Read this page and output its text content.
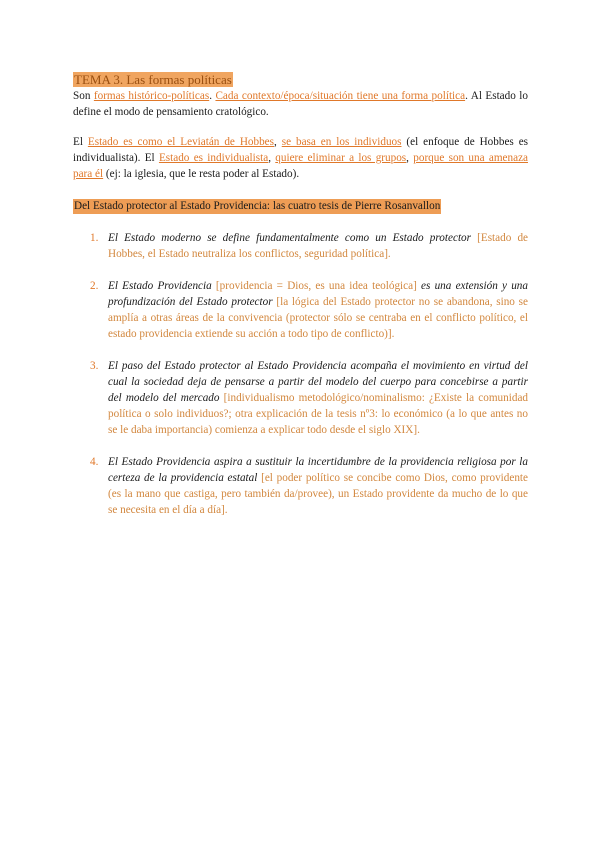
TEMA 3. Las formas políticas

Son formas histórico-políticas. Cada contexto/época/situación tiene una forma política. Al Estado lo define el modo de pensamiento cratológico.

El Estado es como el Leviatán de Hobbes, se basa en los individuos (el enfoque de Hobbes es individualista). El Estado es individualista, quiere eliminar a los grupos, porque son una amenaza para él (ej: la iglesia, que le resta poder al Estado).

Del Estado protector al Estado Providencia: las cuatro tesis de Pierre Rosanvallon
1. El Estado moderno se define fundamentalmente como un Estado protector [Estado de Hobbes, el Estado neutraliza los conflictos, seguridad política].

2. El Estado Providencia [providencia = Dios, es una idea teológica] es una extensión y una profundización del Estado protector [la lógica del Estado protector no se abandona, sino se amplía a otras áreas de la convivencia (protector sólo se centraba en el conflicto político, el estado providencia extiende su acción a todo tipo de conflicto)].

3. El paso del Estado protector al Estado Providencia acompaña el movimiento en virtud del cual la sociedad deja de pensarse a partir del modelo del cuerpo para concebirse a partir del modelo del mercado [individualismo metodológico/nominalismo: ¿Existe la comunidad política o solo individuos?; otra explicación de la tesis nº3: lo económico (a lo que antes no se le daba importancia) comienza a explicar todo desde el siglo XIX].

4. El Estado Providencia aspira a sustituir la incertidumbre de la providencia religiosa por la certeza de la providencia estatal [el poder político se concibe como Dios, como providente (es la mano que castiga, pero también da/provee), un Estado providente da mucho de lo que se necesita en el día a día].
